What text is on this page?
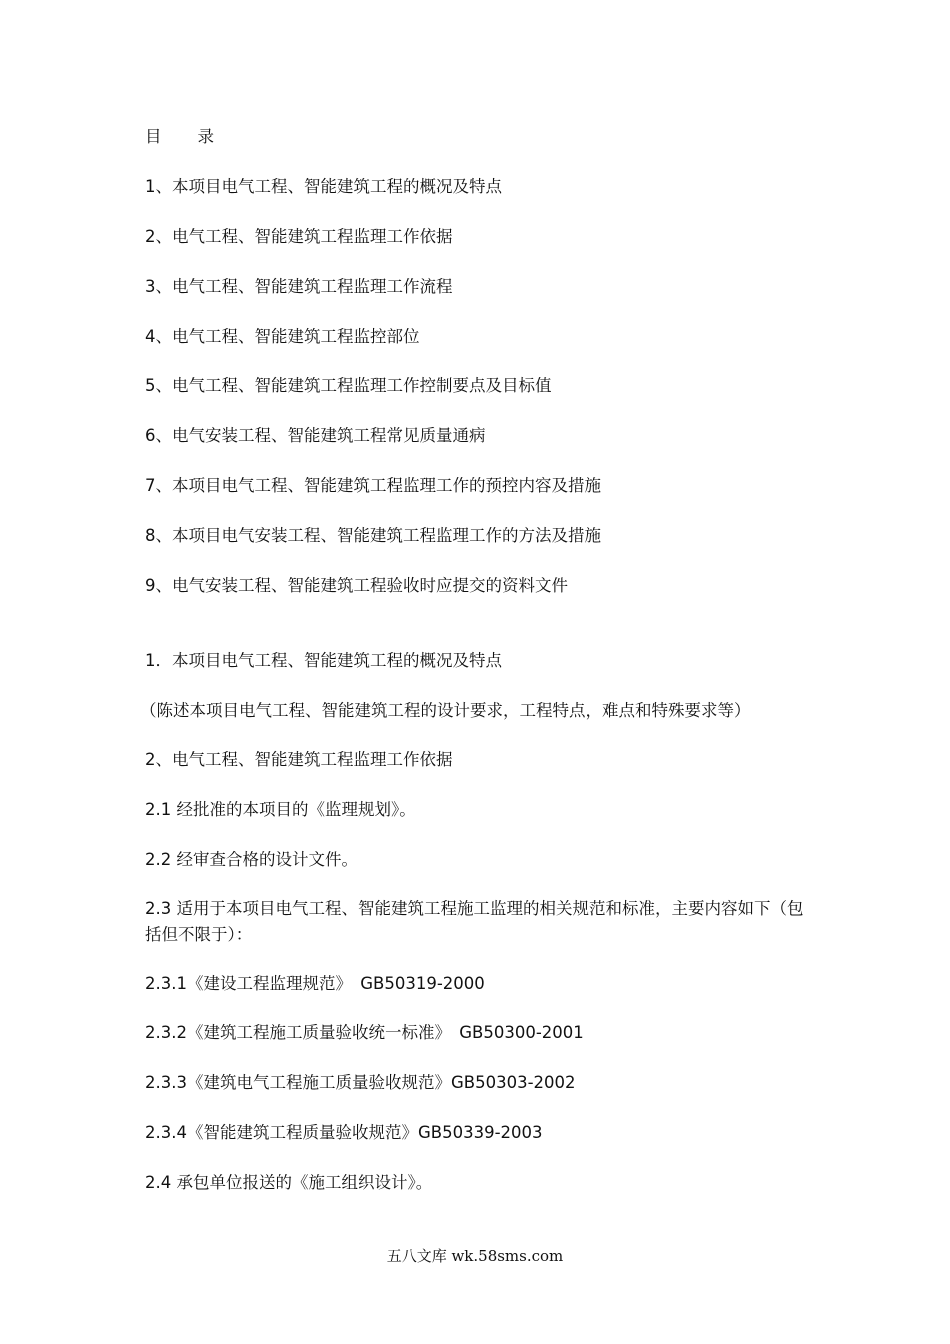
目 录
1、本项目电气工程、智能建筑工程的概况及特点
2、电气工程、智能建筑工程监理工作依据
3、电气工程、智能建筑工程监理工作流程
4、电气工程、智能建筑工程监控部位
5、电气工程、智能建筑工程监理工作控制要点及目标值
6、电气安装工程、智能建筑工程常见质量通病
7、本项目电气工程、智能建筑工程监理工作的预控内容及措施
8、本项目电气安装工程、智能建筑工程监理工作的方法及措施
9、电气安装工程、智能建筑工程验收时应提交的资料文件
1．本项目电气工程、智能建筑工程的概况及特点
（陈述本项目电气工程、智能建筑工程的设计要求，工程特点，难点和特殊要求等）
2、电气工程、智能建筑工程监理工作依据
2.1 经批准的本项目的《监理规划》。
2.2 经审查合格的设计文件。
2.3 适用于本项目电气工程、智能建筑工程施工监理的相关规范和标准，主要内容如下（包括但不限于）：
2.3.1《建设工程监理规范》　GB50319-2000
2.3.2《建筑工程施工质量验收统一标准》　GB50300-2001
2.3.3《建筑电气工程施工质量验收规范》GB50303-2002
2.3.4《智能建筑工程质量验收规范》GB50339-2003
2.4 承包单位报送的《施工组织设计》。
五八文库 wk.58sms.com
